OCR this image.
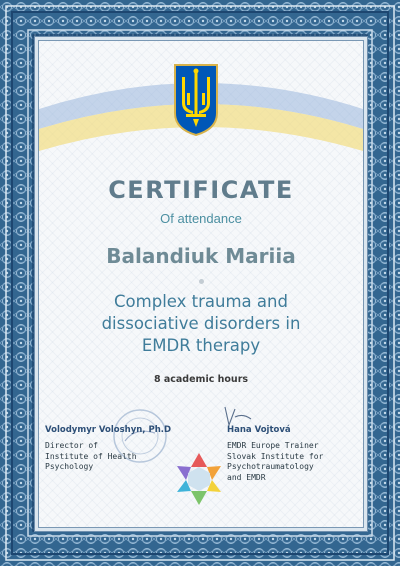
CERTIFICATE
Of attendance
Balandiuk Mariia
Complex trauma and
dissociative disorders in
EMDR therapy
8 academic hours
Volodymyr Voloshyn, Ph.D
Director of
Institute of Health
Psychology
Hana Vojtová
EMDR Europe Trainer
Slovak Institute for
Psychotraumatology
and EMDR
